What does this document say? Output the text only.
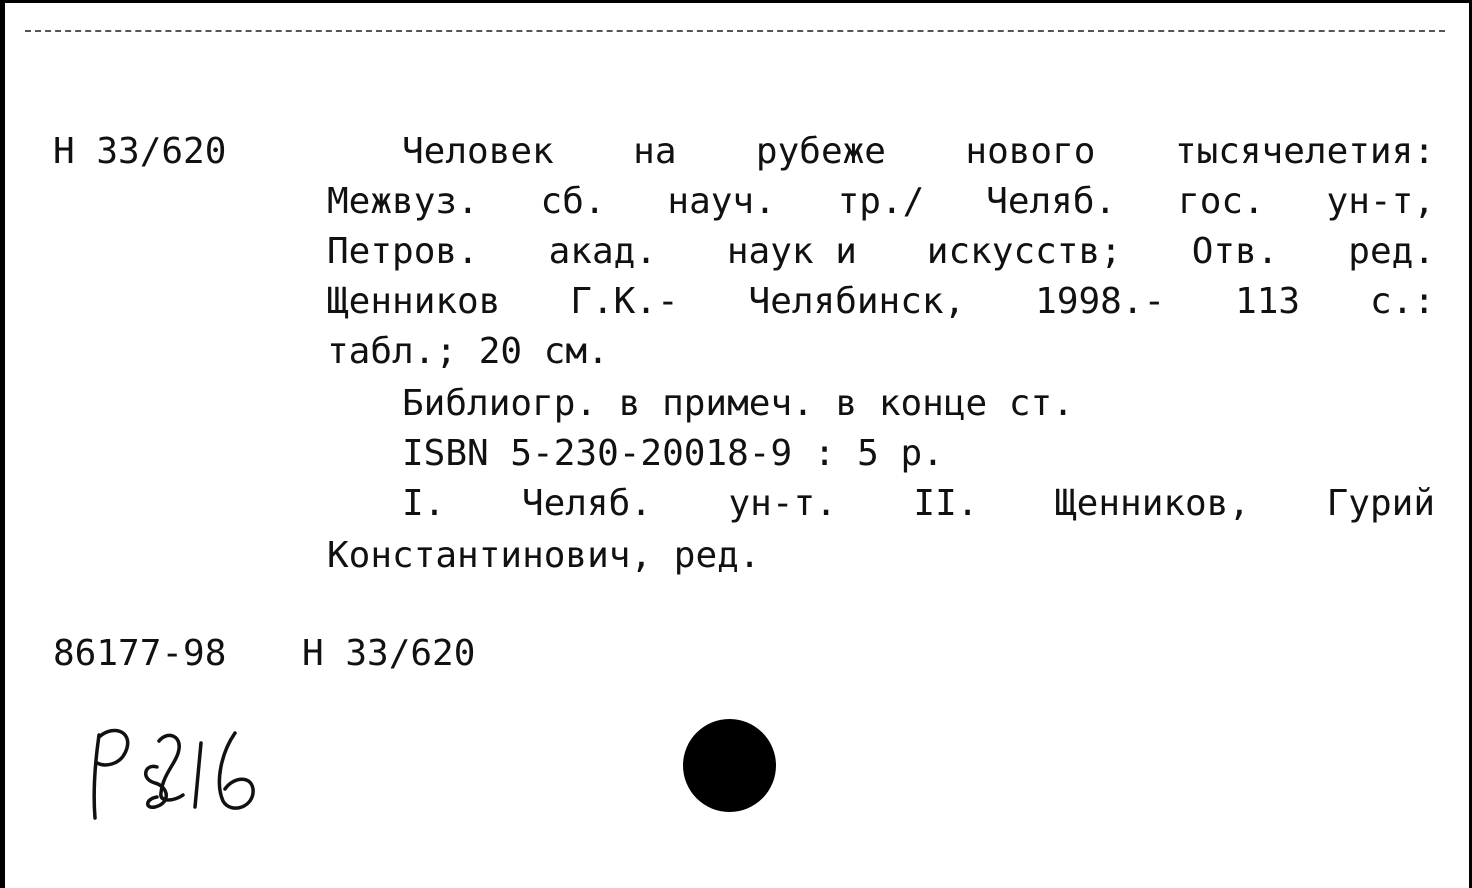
Н 33/620	Человек на рубеже нового тысячелетия:
Межвуз. сб. науч. тр./ Челяб. гос. ун-т,
Петров. акад. наук и искусств; Отв. ред.
Щенников Г.К.- Челябинск, 1998.- 113 с.:
табл.; 20 см.
Библиогр. в примеч. в конце ст.
ISBN 5-230-20018-9 : 5 р.
I. Челяб. ун-т. II. Щенников, Гурий
Константинович, ред.
86177-98 Н 33/620
